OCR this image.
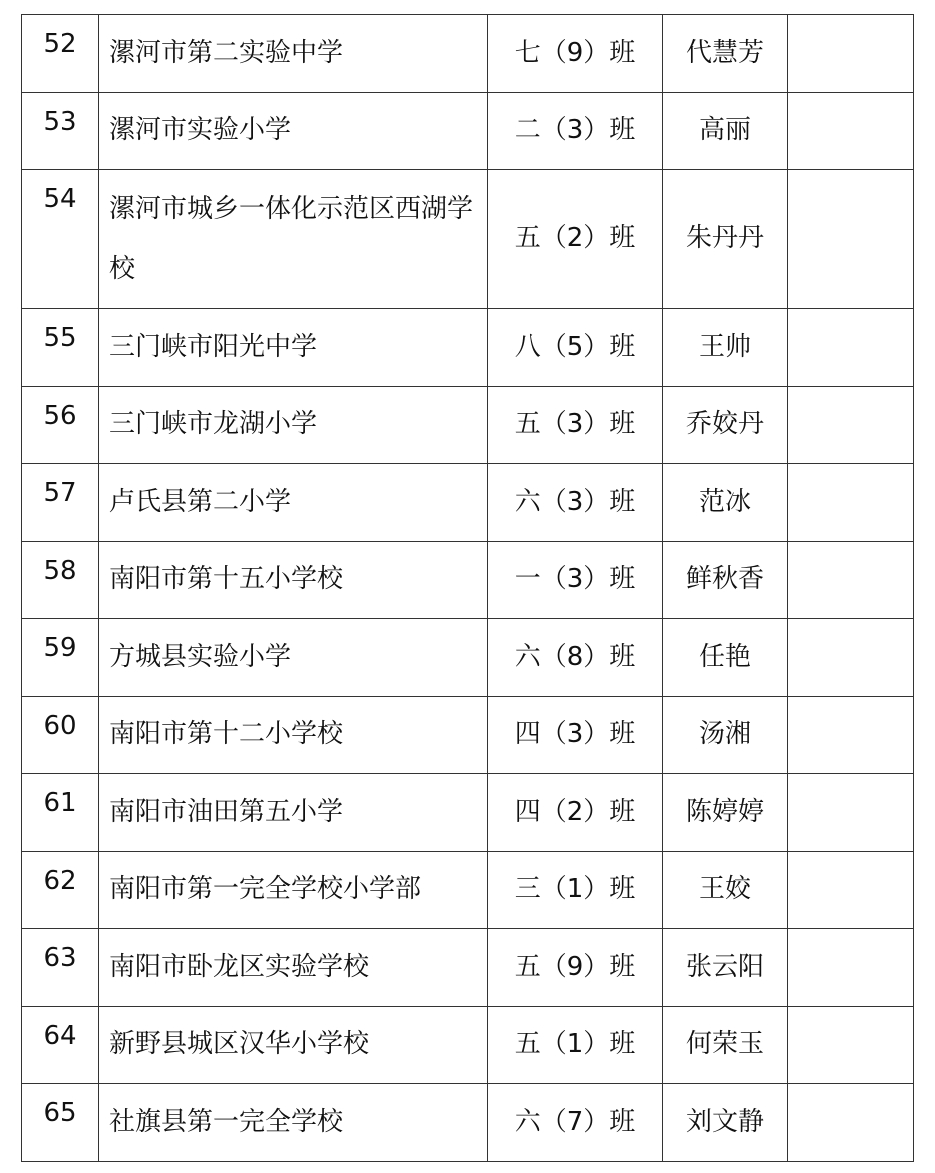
52	漯河市第二实验中学	七（9）班	代慧芳	
53	漯河市实验小学	二（3）班	高丽	
54	漯河市城乡一体化示范区西湖学校	五（2）班	朱丹丹	
55	三门峡市阳光中学	八（5）班	王帅	
56	三门峡市龙湖小学	五（3）班	乔姣丹	
57	卢氏县第二小学	六（3）班	范冰	
58	南阳市第十五小学校	一（3）班	鲜秋香	
59	方城县实验小学	六（8）班	任艳	
60	南阳市第十二小学校	四（3）班	汤湘	
61	南阳市油田第五小学	四（2）班	陈婷婷	
62	南阳市第一完全学校小学部	三（1）班	王姣	
63	南阳市卧龙区实验学校	五（9）班	张云阳	
64	新野县城区汉华小学校	五（1）班	何荣玉	
65	社旗县第一完全学校	六（7）班	刘文静	
